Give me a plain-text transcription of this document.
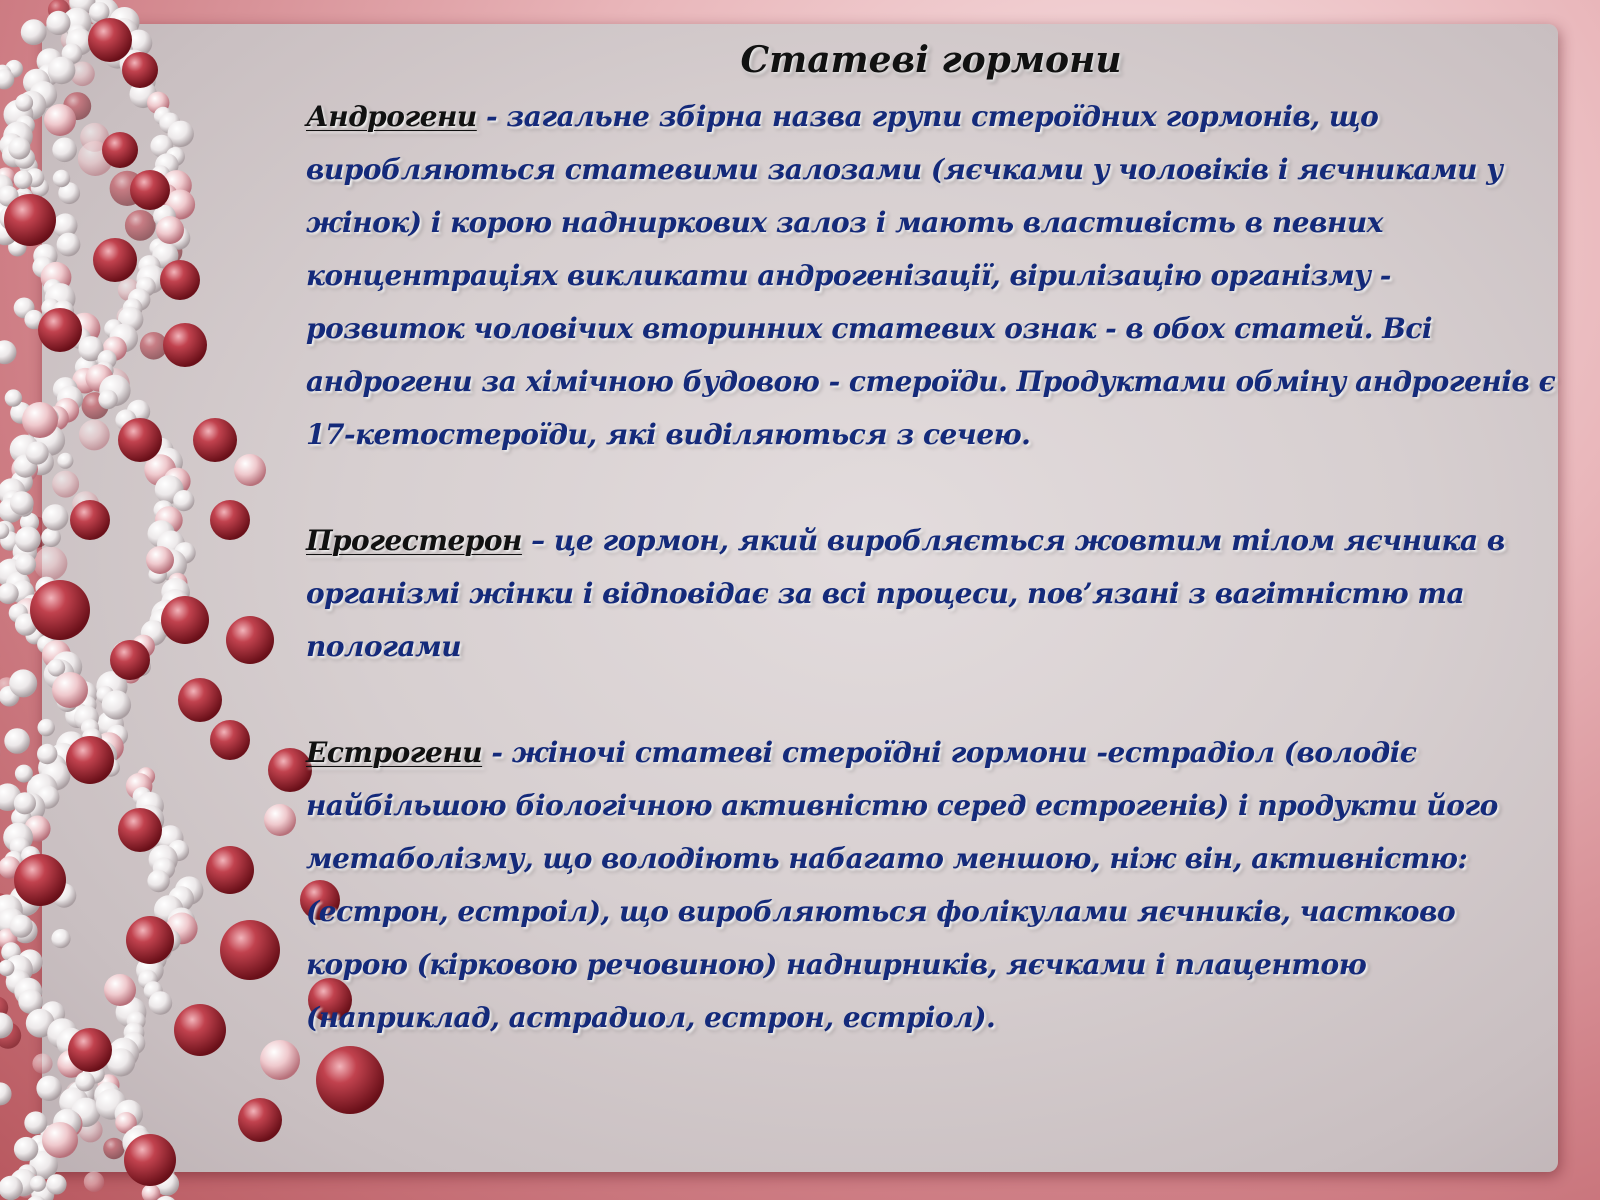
Статеві гормони

Андрогени - загальне збірна назва групи стероїдних гормонів, що виробляються статевими залозами (яєчками у чоловіків і яєчниками у жінок) і корою надниркових залоз і мають властивість в певних концентраціях викликати андрогенізації, вірилізацію організму - розвиток чоловічих вторинних статевих ознак - в обох статей. Всі андрогени за хімічною будовою - стероїди. Продуктами обміну андрогенів є 17-кетостероїди, які виділяються з сечею.

Прогестерон – це гормон, який виробляється жовтим тілом яєчника в організмі жінки і відповідає за всі процеси, пов’язані з вагітністю та пологами

Естрогени - жіночі статеві стероїдні гормони -естрадіол (володіє найбільшою біологічною активністю серед естрогенів) і продукти його метаболізму, що володіють набагато меншою, ніж він, активністю: (естрон, естроіл), що виробляються фолікулами яєчників, частково корою (кірковою речовиною) наднирників, яєчками і плацентою (наприклад, астрадиол, естрон, естріол).
